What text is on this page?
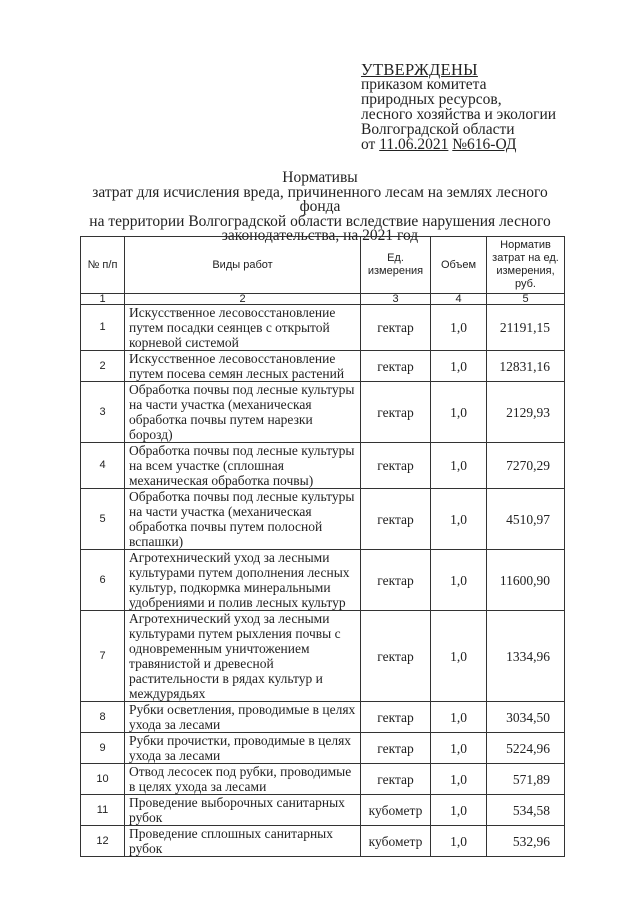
УТВЕРЖДЕНЫ
приказом комитета
природных ресурсов,
лесного хозяйства и экологии
Волгоградской области
от 11.06.2021 №616-ОД
Нормативы
затрат для исчисления вреда, причиненного лесам на землях лесного фонда
на территории Волгоградской области вследствие нарушения лесного
законодательства, на 2021 год
№ п/п	Виды работ	Ед. измерения	Объем	Норматив затрат на ед. измерения, руб.
1	2	3	4	5
1	Искусственное лесовосстановление путем посадки сеянцев с открытой корневой системой	гектар	1,0	21191,15
2	Искусственное лесовосстановление путем посева семян лесных растений	гектар	1,0	12831,16
3	Обработка почвы под лесные культуры на части участка (механическая обработка почвы путем нарезки борозд)	гектар	1,0	2129,93
4	Обработка почвы под лесные культуры на всем участке (сплошная механическая обработка почвы)	гектар	1,0	7270,29
5	Обработка почвы под лесные культуры на части участка (механическая обработка почвы путем полосной вспашки)	гектар	1,0	4510,97
6	Агротехнический уход за лесными культурами путем дополнения лесных культур, подкормка минеральными удобрениями и полив лесных культур	гектар	1,0	11600,90
7	Агротехнический уход за лесными культурами путем рыхления почвы с одновременным уничтожением травянистой и древесной растительности в рядах культур и междурядьях	гектар	1,0	1334,96
8	Рубки осветления, проводимые в целях ухода за лесами	гектар	1,0	3034,50
9	Рубки прочистки, проводимые в целях ухода за лесами	гектар	1,0	5224,96
10	Отвод лесосек под рубки, проводимые в целях ухода за лесами	гектар	1,0	571,89
11	Проведение выборочных санитарных рубок	кубометр	1,0	534,58
12	Проведение сплошных санитарных рубок	кубометр	1,0	532,96
